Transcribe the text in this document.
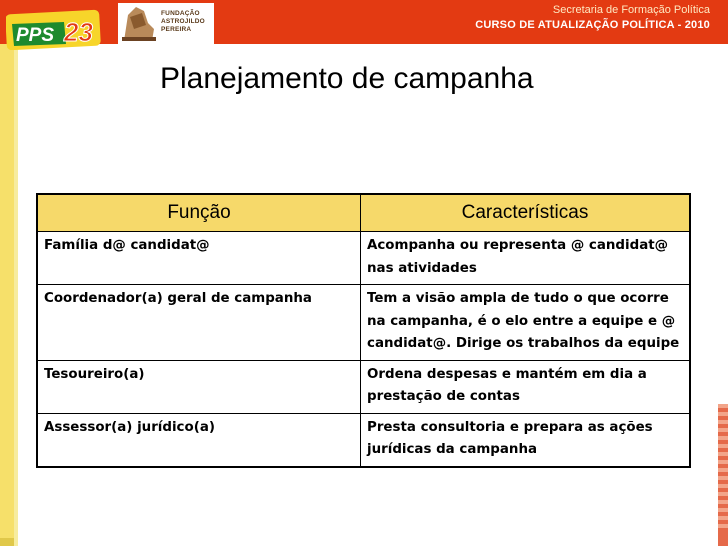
PPS 23
FUNDAÇÃO
ASTROJILDO
PEREIRA
Secretaria de Formação Política
CURSO DE ATUALIZAÇÃO POLÍTICA - 2010
Planejamento de campanha
Função	Características
Família d@ candidat@	Acompanha ou representa @ candidat@ nas atividades
Coordenador(a) geral de campanha	Tem a visão ampla de tudo o que ocorre na campanha, é o elo entre a equipe e @ candidat@. Dirige os trabalhos da equipe
Tesoureiro(a)	Ordena despesas e mantém em dia a prestação de contas
Assessor(a) jurídico(a)	Presta consultoria e prepara as ações jurídicas da campanha
